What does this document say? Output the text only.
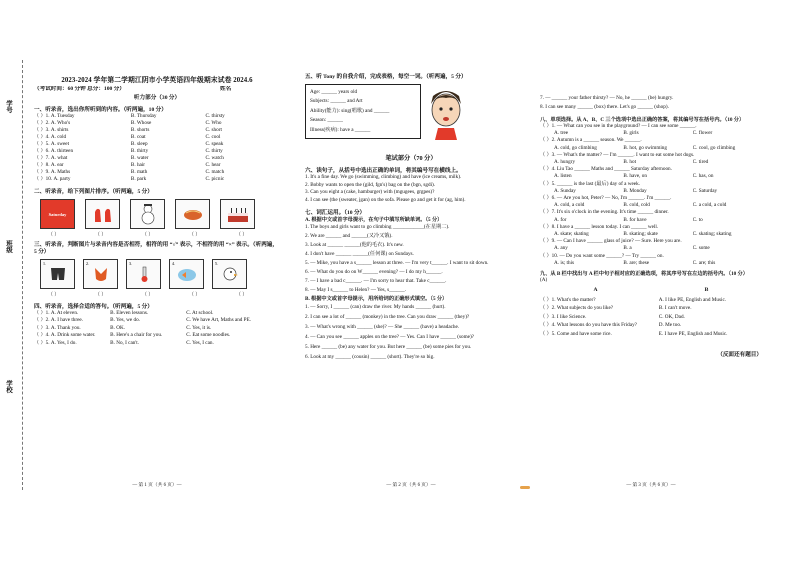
学号
班级
学校
2023-2024 学年第二学期江阴市小学英语四年级期末试卷 2024.6
（考试时间：60 分钟 总分：100 分）	姓名
听力部分（30 分）
一、听录音，选出你所听到的内容。（听两遍，10 分）
（ ）1. A. Tuesday	B. Thursday	C. thirsty
（ ）2. A. Who's	B. Whose	C. Who
（ ）3. A. shirts	B. shorts	C. short
（ ）4. A. cold	B. coat	C. cool
（ ）5. A. sweet	B. sleep	C. speak
（ ）6. A. thirteen	B. thirty	C. thirty
（ ）7. A. what	B. water	C. watch
（ ）8. A. ear	B. hair	C. hear
（ ）9. A. Maths	B. math	C. match
（ ）10. A. party	B. park	C. picnic
二、听录音，给下列图片排序。（听两遍，5 分）
Saturday
（ ）	（ ）	（ ）	（ ）	（ ）
三、听录音，判断图片与录音内容是否相符，相符的用 “√” 表示，不相符的用 “×” 表示。（听两遍，5 分）
1.	2.	3.	4.	5.
（ ）	（ ）	（ ）	（ ）	（ ）
四、听录音，选择合适的答句。（听两遍，5 分）
（ ）1. A. At eleven.	B. Eleven lessons.	C. At school.
（ ）2. A. I have three.	B. Yes, we do.	C. We have Art, Maths and PE.
（ ）3. A. Thank you.	B. OK.	C. Yes, it is.
（ ）4. A. Drink some water.	B. Here's a chair for you.	C. Eat some noodles.
（ ）5. A. Yes, I do.	B. No, I can't.	C. Yes, I can.
— 第 1 页（共 6 页）—
五、听 Tony 的自我介绍，完成表格，每空一词。（听两遍，5 分）
Age: ______ years old
Subjects: ______ and Art
Ability(能力): sing(唱歌) and ______
Season: ______
Illness(疾病): have a ______
笔试部分（70 分）
六、读句子，从括号中选出正确的单词，将其编号写在横线上。
1. It's a fine day. We go (swimming, climbing) and have (ice creams, milk).
2. Bobby wants to open the (gild, fgn's) bag on the (bgn, sgdi).
3. Can you eight a (cake, hamburger) with (mgugees, grgpes)?
4. I can see (the (sweater, jgan) on the sofa. Please go and get it for (ag, him).
七、词汇运用。（10 分）
A. 根据中文或首字母提示，在句子中填写所缺单词。（5 分）
1. The boys and girls want to go climbing ____________(在星期二).
2. We are ______ and ______(又冷又饿).
3. Look at ______ ______(他的毛衣). It's new.
4. I don't have ______ ______(任何课) on Sundays.
5. — Mike, you have a s______ lesson at three. — I'm very t______. I want to sit down.
6. — What do you do on W______ evening? — I do my h______.
7. — I have a bad c______. — I'm sorry to hear that. Take c______.
8. — May I s______ to Helen? — Yes, s______.
B. 根据中文或首字母提示，用所给词的正确形式填空。（5 分）
1. — Sorry, I ______ (can) draw the river. My hands ______ (hurt).
2. I can see a lot of ______ (monkey) in the tree. Can you draw ______ (they)?
3. — What's wrong with ______ (she)? — She ______ (have) a headache.
4. — Can you see ______ apples on the tree? — Yes. Can I have ______ (some)?
5. Here ______ (be) any water for you. But here ______ (be) some pies for you.
6. Look at my ______ (cousin) ______ (short). They're so big.
— 第 2 页（共 6 页）—
7. — ______ your father thirsty? — No, he ______ (be) hungry.
8. I can see many ______ (box) there. Let's go ______ (shop).
八、单项选择。从 A、B、C 三个选项中选出正确的答案，将其编号写在括号内。（10 分）
（ ）1. — What can you see in the playground? — I can see some ______.
A. tree	B. girls	C. flower
（ ）2. Autumn is a ______ season. We ______.
A. cold, go climbing	B. hot, go swimming	C. cool, go climbing
（ ）3. — What's the matter? — I'm ______. I want to eat some hot dogs.
A. hungry	B. hot	C. tired
（ ）4. Liu Tao ______ Maths and ______ Saturday afternoon.
A. listen	B. have, on	C. has, on
（ ）5. ______ is the last (最后) day of a week.
A. Sunday	B. Monday	C. Saturday
（ ）6. — Are you hot, Peter? — No, I'm ______. I'm ______.
A. cold, a cold	B. cold, cold	C. a cold, a cold
（ ）7. It's six o'clock in the evening. It's time ______ dinner.
A. for	B. for have	C. to
（ ）8. I have a ______ lesson today. I can ______ well.
A. skate; skating	B. skating; skate	C. skating; skating
（ ）9. — Can I have ______ glass of juice? — Sure. Here you are.
A. any	B. a	C. some
（ ）10. — Do you want some ______? — Try ______ on.
A. is; this	B. are; these	C. are; this
九、从 B 栏中找出与 A 栏中句子相对应的正确选项，将其序号写在左边的括号内。（10 分）
(A)
A	B
（ ）1. What's the matter?	A. I like PE, English and Music.
（ ）2. What subjects do you like?	B. I can't move.
（ ）3. I like Science.	C. OK, Dad.
（ ）4. What lessons do you have this Friday?	D. Me too.
（ ）5. Come and have some rice.	E. I have PE, English and Music.
（反面还有题目）
— 第 3 页（共 6 页）—
